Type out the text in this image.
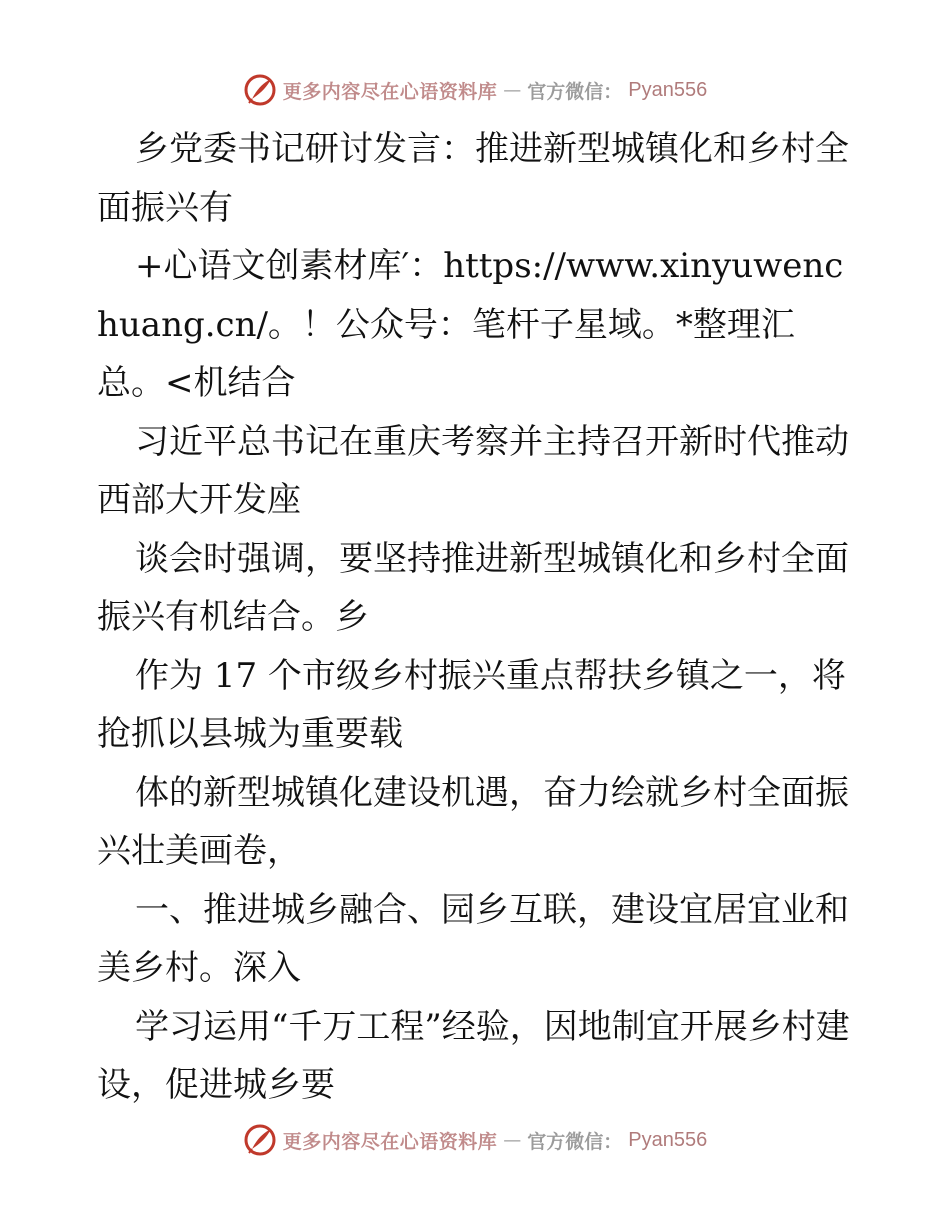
更多内容尽在心语资料库 — 官方微信： Pyan556

乡党委书记研讨发言：推进新型城镇化和乡村全面振兴有

+心语文创素材库′：https://www.xinyuwenchuang.cn/。！公众号：笔杆子星域。*整理汇总。<机结合

习近平总书记在重庆考察并主持召开新时代推动西部大开发座

谈会时强调，要坚持推进新型城镇化和乡村全面振兴有机结合。乡

作为 17 个市级乡村振兴重点帮扶乡镇之一，将抢抓以县城为重要载

体的新型城镇化建设机遇，奋力绘就乡村全面振兴壮美画卷，

一、推进城乡融合、园乡互联，建设宜居宜业和美乡村。深入

学习运用“千万工程”经验，因地制宜开展乡村建设，促进城乡要

更多内容尽在心语资料库 — 官方微信： Pyan556
